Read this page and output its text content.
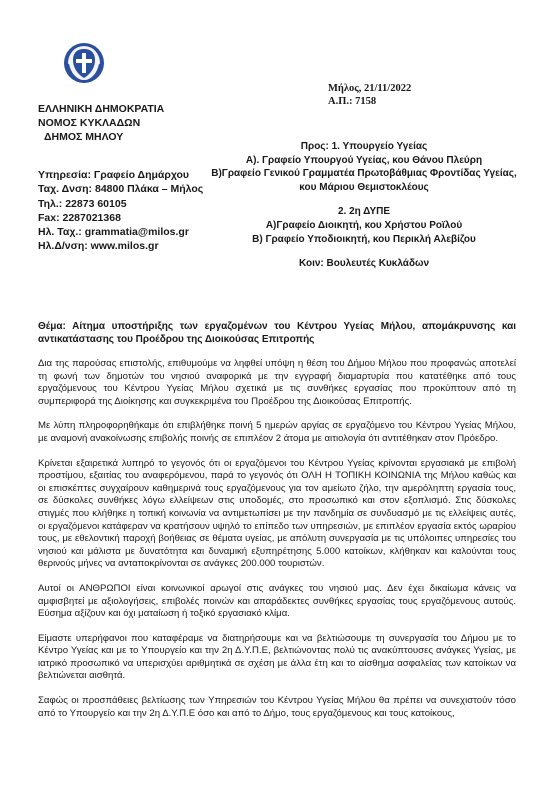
ΕΛΛΗΝΙΚΗ ΔΗΜΟΚΡΑΤΙΑ
ΝΟΜΟΣ ΚΥΚΛΑΔΩΝ
ΔΗΜΟΣ ΜΗΛΟΥ
Υπηρεσία: Γραφείο Δημάρχου
Ταχ. Δνση: 84800 Πλάκα – Μήλος
Τηλ.: 22873 60105
Fax: 2287021368
Ηλ. Ταχ.: grammatia@milos.gr
Ηλ.Δ/νση: www.milos.gr
Μήλος, 21/11/2022
Α.Π.: 7158
Προς: 1. Υπουργείο Υγείας
Α). Γραφείο Υπουργού Υγείας, κου Θάνου Πλεύρη
Β)Γραφείο Γενικού Γραμματέα Πρωτοβάθμιας Φροντίδας Υγείας,
κου Μάριου Θεμιστοκλέους
2. 2η ΔΥΠΕ
Α)Γραφείο Διοικητή, κου Χρήστου Ροϊλού
Β) Γραφείο Υποδιοικητή, κου Περικλή Αλεβίζου
Κοιν: Βουλευτές Κυκλάδων
Θέμα: Αίτημα υποστήριξης των εργαζομένων του Κέντρου Υγείας Μήλου, απομάκρυνσης και αντικατάστασης του Προέδρου της Διοικούσας Επιτροπής

Δια της παρούσας επιστολής, επιθυμούμε να ληφθεί υπόψη η θέση του Δήμου Μήλου που προφανώς αποτελεί τη φωνή των δημοτών του νησιού αναφορικά με την εγγραφή διαμαρτυρία που κατατέθηκε από τους εργαζόμενους του Κέντρου Υγείας Μήλου σχετικά με τις συνθήκες εργασίας που προκύπτουν από τη συμπεριφορά της Διοίκησης και συγκεκριμένα του Προέδρου της Διοικούσας Επιτροπής.

Με λύπη πληροφορηθήκαμε ότι επιβλήθηκε ποινή 5 ημερών αργίας σε εργαζόμενο του Κέντρου Υγείας Μήλου, με αναμονή ανακοίνωσης επιβολής ποινής σε επιπλέον 2 άτομα με αιτιολογία ότι αντιτέθηκαν στον Πρόεδρο.

Κρίνεται εξαιρετικά λυπηρό το γεγονός ότι οι εργαζόμενοι του Κέντρου Υγείας κρίνονται εργασιακά με επιβολή προστίμου, εξαιτίας του αναφερόμενου, παρά το γεγονός ότι ΟΛΗ Η ΤΟΠΙΚΗ ΚΟΙΝΩΝΙΑ της Μήλου καθώς και οι επισκέπτες συγχαίρουν καθημερινά τους εργαζόμενους για τον αμείωτο ζήλο, την αμερόληπτη εργασία τους, σε δύσκολες συνθήκες λόγω ελλείψεων στις υποδομές, στο προσωπικό και στον εξοπλισμό. Στις δύσκολες στιγμές που κλήθηκε η τοπική κοινωνία να αντιμετωπίσει με την πανδημία σε συνδυασμό με τις ελλείψεις αυτές, οι εργαζόμενοι κατάφεραν να κρατήσουν υψηλό το επίπεδο των υπηρεσιών, με επιπλέον εργασία εκτός ωραρίου τους, με εθελοντική παροχή βοήθειας σε θέματα υγείας, με απόλυτη συνεργασία με τις υπόλοιπες υπηρεσίες του νησιού και μάλιστα με δυνατότητα και δυναμική εξυπηρέτησης 5.000 κατοίκων, κλήθηκαν και καλούνται τους θερινούς μήνες να ανταποκρίνονται σε ανάγκες 200.000 τουριστών.

Αυτοί οι ΑΝΘΡΩΠΟΙ είναι κοινωνικοί αρωγοί στις ανάγκες του νησιού μας. Δεν έχει δικαίωμα κάνεις να αμφισβητεί με αξιολογήσεις, επιβολές ποινών και απαράδεκτες συνθήκες εργασίας τους εργαζόμενους αυτούς. Εύσημα αξίζουν και όχι ματαίωση ή τοξικό εργασιακό κλίμα.

Είμαστε υπερήφανοι που καταφέραμε να διατηρήσουμε και να βελτιώσουμε τη συνεργασία του Δήμου με το Κέντρο Υγείας και με το Υπουργείο και την 2η Δ.Υ.Π.Ε, βελτιώνοντας πολύ τις ανακύπτουσες ανάγκες Υγείας, με ιατρικό προσωπικό να υπερισχύει αριθμητικά σε σχέση με άλλα έτη και το αίσθημα ασφαλείας των κατοίκων να βελτιώνεται αισθητά.

Σαφώς οι προσπάθειες βελτίωσης των Υπηρεσιών του Κέντρου Υγείας Μήλου θα πρέπει να συνεχιστούν τόσο από το Υπουργείο και την 2η Δ.Υ.Π.Ε όσο και από το Δήμο, τους εργαζόμενους και τους κατοίκους,
